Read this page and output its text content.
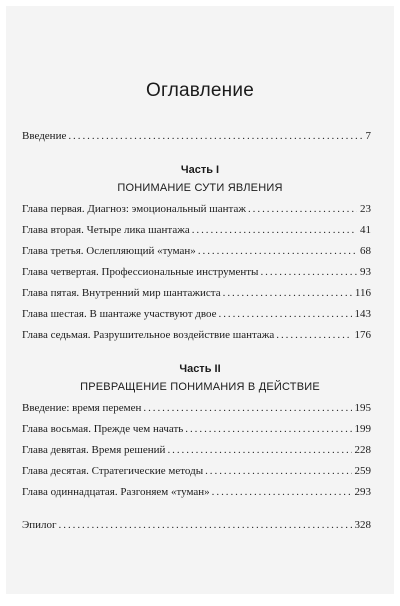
Оглавление
Введение . . .	7
Часть I
ПОНИМАНИЕ СУТИ ЯВЛЕНИЯ
Глава первая. Диагноз: эмоциональный шантаж . . .	23
Глава вторая. Четыре лика шантажа . . .	41
Глава третья. Ослепляющий «туман» . . .	68
Глава четвертая. Профессиональные инструменты . . .	93
Глава пятая. Внутренний мир шантажиста . . .	116
Глава шестая. В шантаже участвуют двое . . .	143
Глава седьмая. Разрушительное воздействие шантажа . . .	176
Часть II
ПРЕВРАЩЕНИЕ ПОНИМАНИЯ В ДЕЙСТВИЕ
Введение: время перемен . . .	195
Глава восьмая. Прежде чем начать . . .	199
Глава девятая. Время решений . . .	228
Глава десятая. Стратегические методы . . .	259
Глава одиннадцатая. Разгоняем «туман» . . .	293
Эпилог . . .	328
